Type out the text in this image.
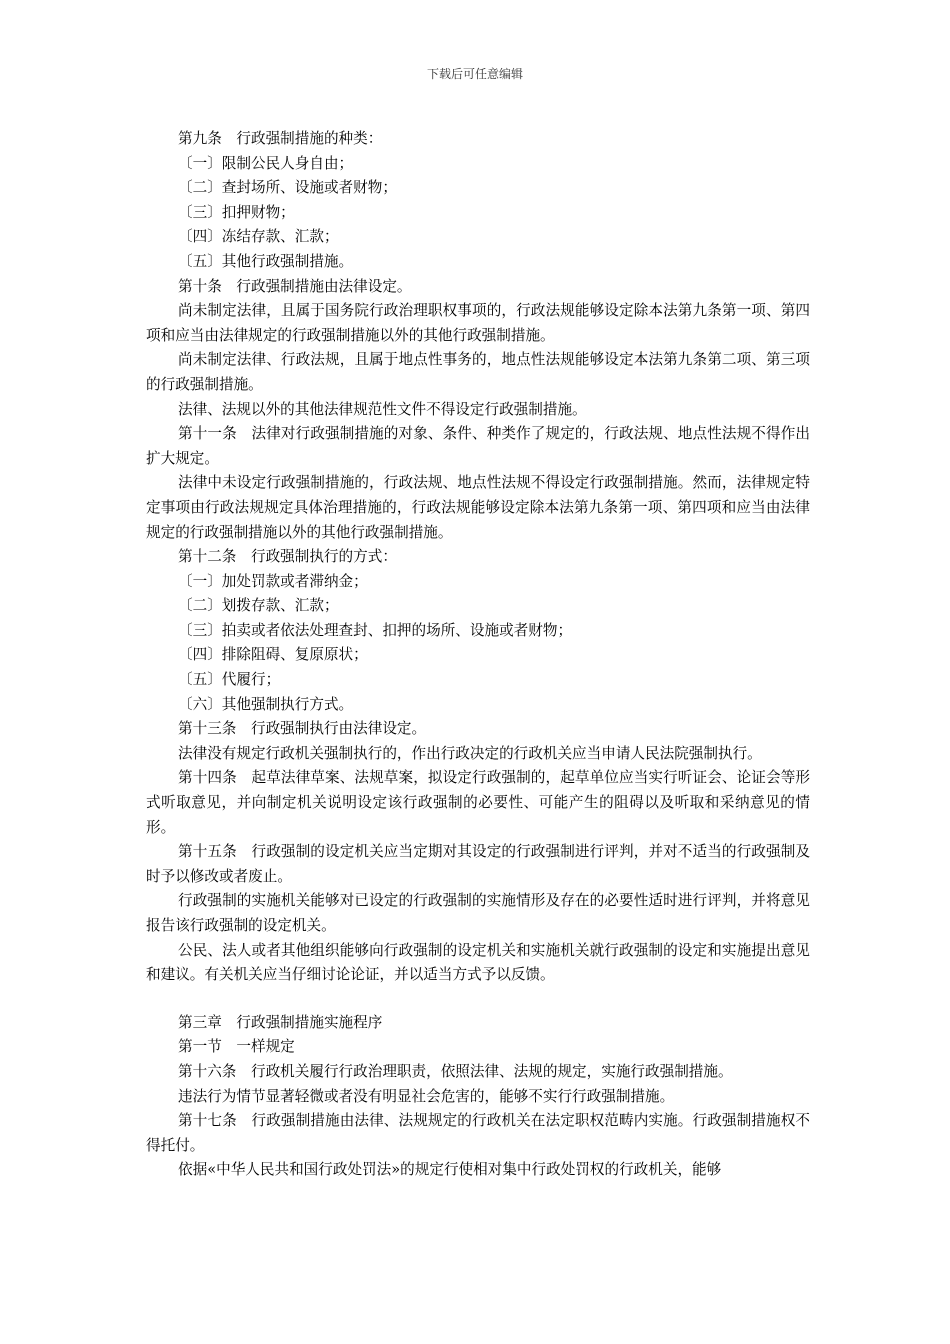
下载后可任意编辑

第九条　行政强制措施的种类：

〔一〕限制公民人身自由；

〔二〕查封场所、设施或者财物；

〔三〕扣押财物；

〔四〕冻结存款、汇款；

〔五〕其他行政强制措施。

第十条　行政强制措施由法律设定。

尚未制定法律，且属于国务院行政治理职权事项的，行政法规能够设定除本法第九条第一项、第四项和应当由法律规定的行政强制措施以外的其他行政强制措施。

尚未制定法律、行政法规，且属于地点性事务的，地点性法规能够设定本法第九条第二项、第三项的行政强制措施。

法律、法规以外的其他法律规范性文件不得设定行政强制措施。

第十一条　法律对行政强制措施的对象、条件、种类作了规定的，行政法规、地点性法规不得作出扩大规定。

法律中未设定行政强制措施的，行政法规、地点性法规不得设定行政强制措施。然而，法律规定特定事项由行政法规规定具体治理措施的，行政法规能够设定除本法第九条第一项、第四项和应当由法律规定的行政强制措施以外的其他行政强制措施。

第十二条　行政强制执行的方式：

〔一〕加处罚款或者滞纳金；

〔二〕划拨存款、汇款；

〔三〕拍卖或者依法处理查封、扣押的场所、设施或者财物；

〔四〕排除阻碍、复原原状；

〔五〕代履行；

〔六〕其他强制执行方式。

第十三条　行政强制执行由法律设定。

法律没有规定行政机关强制执行的，作出行政决定的行政机关应当申请人民法院强制执行。

第十四条　起草法律草案、法规草案，拟设定行政强制的，起草单位应当实行听证会、论证会等形式听取意见，并向制定机关说明设定该行政强制的必要性、可能产生的阻碍以及听取和采纳意见的情形。

第十五条　行政强制的设定机关应当定期对其设定的行政强制进行评判，并对不适当的行政强制及时予以修改或者废止。

行政强制的实施机关能够对已设定的行政强制的实施情形及存在的必要性适时进行评判，并将意见报告该行政强制的设定机关。

公民、法人或者其他组织能够向行政强制的设定机关和实施机关就行政强制的设定和实施提出意见和建议。有关机关应当仔细讨论论证，并以适当方式予以反馈。

第三章　行政强制措施实施程序

第一节　一样规定

第十六条　行政机关履行行政治理职责，依照法律、法规的规定，实施行政强制措施。

违法行为情节显著轻微或者没有明显社会危害的，能够不实行行政强制措施。

第十七条　行政强制措施由法律、法规规定的行政机关在法定职权范畴内实施。行政强制措施权不得托付。

依据«中华人民共和国行政处罚法»的规定行使相对集中行政处罚权的行政机关，能够
